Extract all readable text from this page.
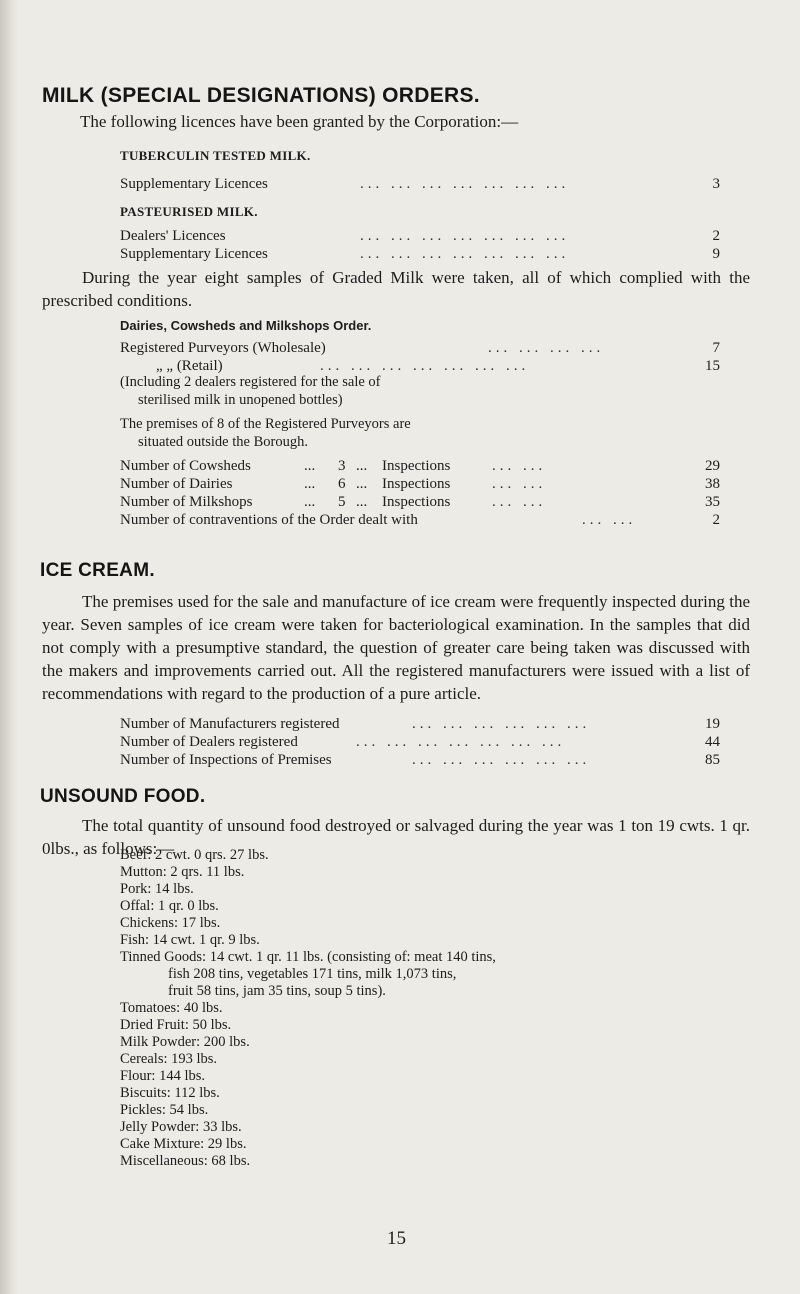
MILK (SPECIAL DESIGNATIONS) ORDERS.
The following licences have been granted by the Corporation:—
TUBERCULIN TESTED MILK.
Supplementary Licences	... ... ... ... ... ... ...	3
PASTEURISED MILK.
Dealers' Licences	... ... ... ... ... ... ...	2
Supplementary Licences	... ... ... ... ... ... ...	9
During the year eight samples of Graded Milk were taken, all of which complied with the prescribed conditions.
Dairies, Cowsheds and Milkshops Order.
Registered Purveyors (Wholesale)	... ... ... ...	7
„ „ (Retail)	... ... ... ... ... ... ...	15
(Including 2 dealers registered for the sale of
sterilised milk in unopened bottles)
The premises of 8 of the Registered Purveyors are
situated outside the Borough.
Number of Cowsheds	... 3 ... Inspections	... ...	29
Number of Dairies	... 6 ... Inspections	... ...	38
Number of Milkshops	... 5 ... Inspections	... ...	35
Number of contraventions of the Order dealt with	... ...	2
ICE CREAM.
The premises used for the sale and manufacture of ice cream were frequently inspected during the year. Seven samples of ice cream were taken for bacteriological examination. In the samples that did not comply with a presumptive standard, the question of greater care being taken was discussed with the makers and improvements carried out. All the registered manufacturers were issued with a list of recommendations with regard to the production of a pure article.
Number of Manufacturers registered	... ... ... ... ... ...	19
Number of Dealers registered	... ... ... ... ... ... ...	44
Number of Inspections of Premises	... ... ... ... ... ...	85
UNSOUND FOOD.
The total quantity of unsound food destroyed or salvaged during the year was 1 ton 19 cwts. 1 qr. 0lbs., as follows:—
Beef: 2 cwt. 0 qrs. 27 lbs.
Mutton: 2 qrs. 11 lbs.
Pork: 14 lbs.
Offal: 1 qr. 0 lbs.
Chickens: 17 lbs.
Fish: 14 cwt. 1 qr. 9 lbs.
Tinned Goods: 14 cwt. 1 qr. 11 lbs. (consisting of: meat 140 tins,
fish 208 tins, vegetables 171 tins, milk 1,073 tins,
fruit 58 tins, jam 35 tins, soup 5 tins).
Tomatoes: 40 lbs.
Dried Fruit: 50 lbs.
Milk Powder: 200 lbs.
Cereals: 193 lbs.
Flour: 144 lbs.
Biscuits: 112 lbs.
Pickles: 54 lbs.
Jelly Powder: 33 lbs.
Cake Mixture: 29 lbs.
Miscellaneous: 68 lbs.
15
